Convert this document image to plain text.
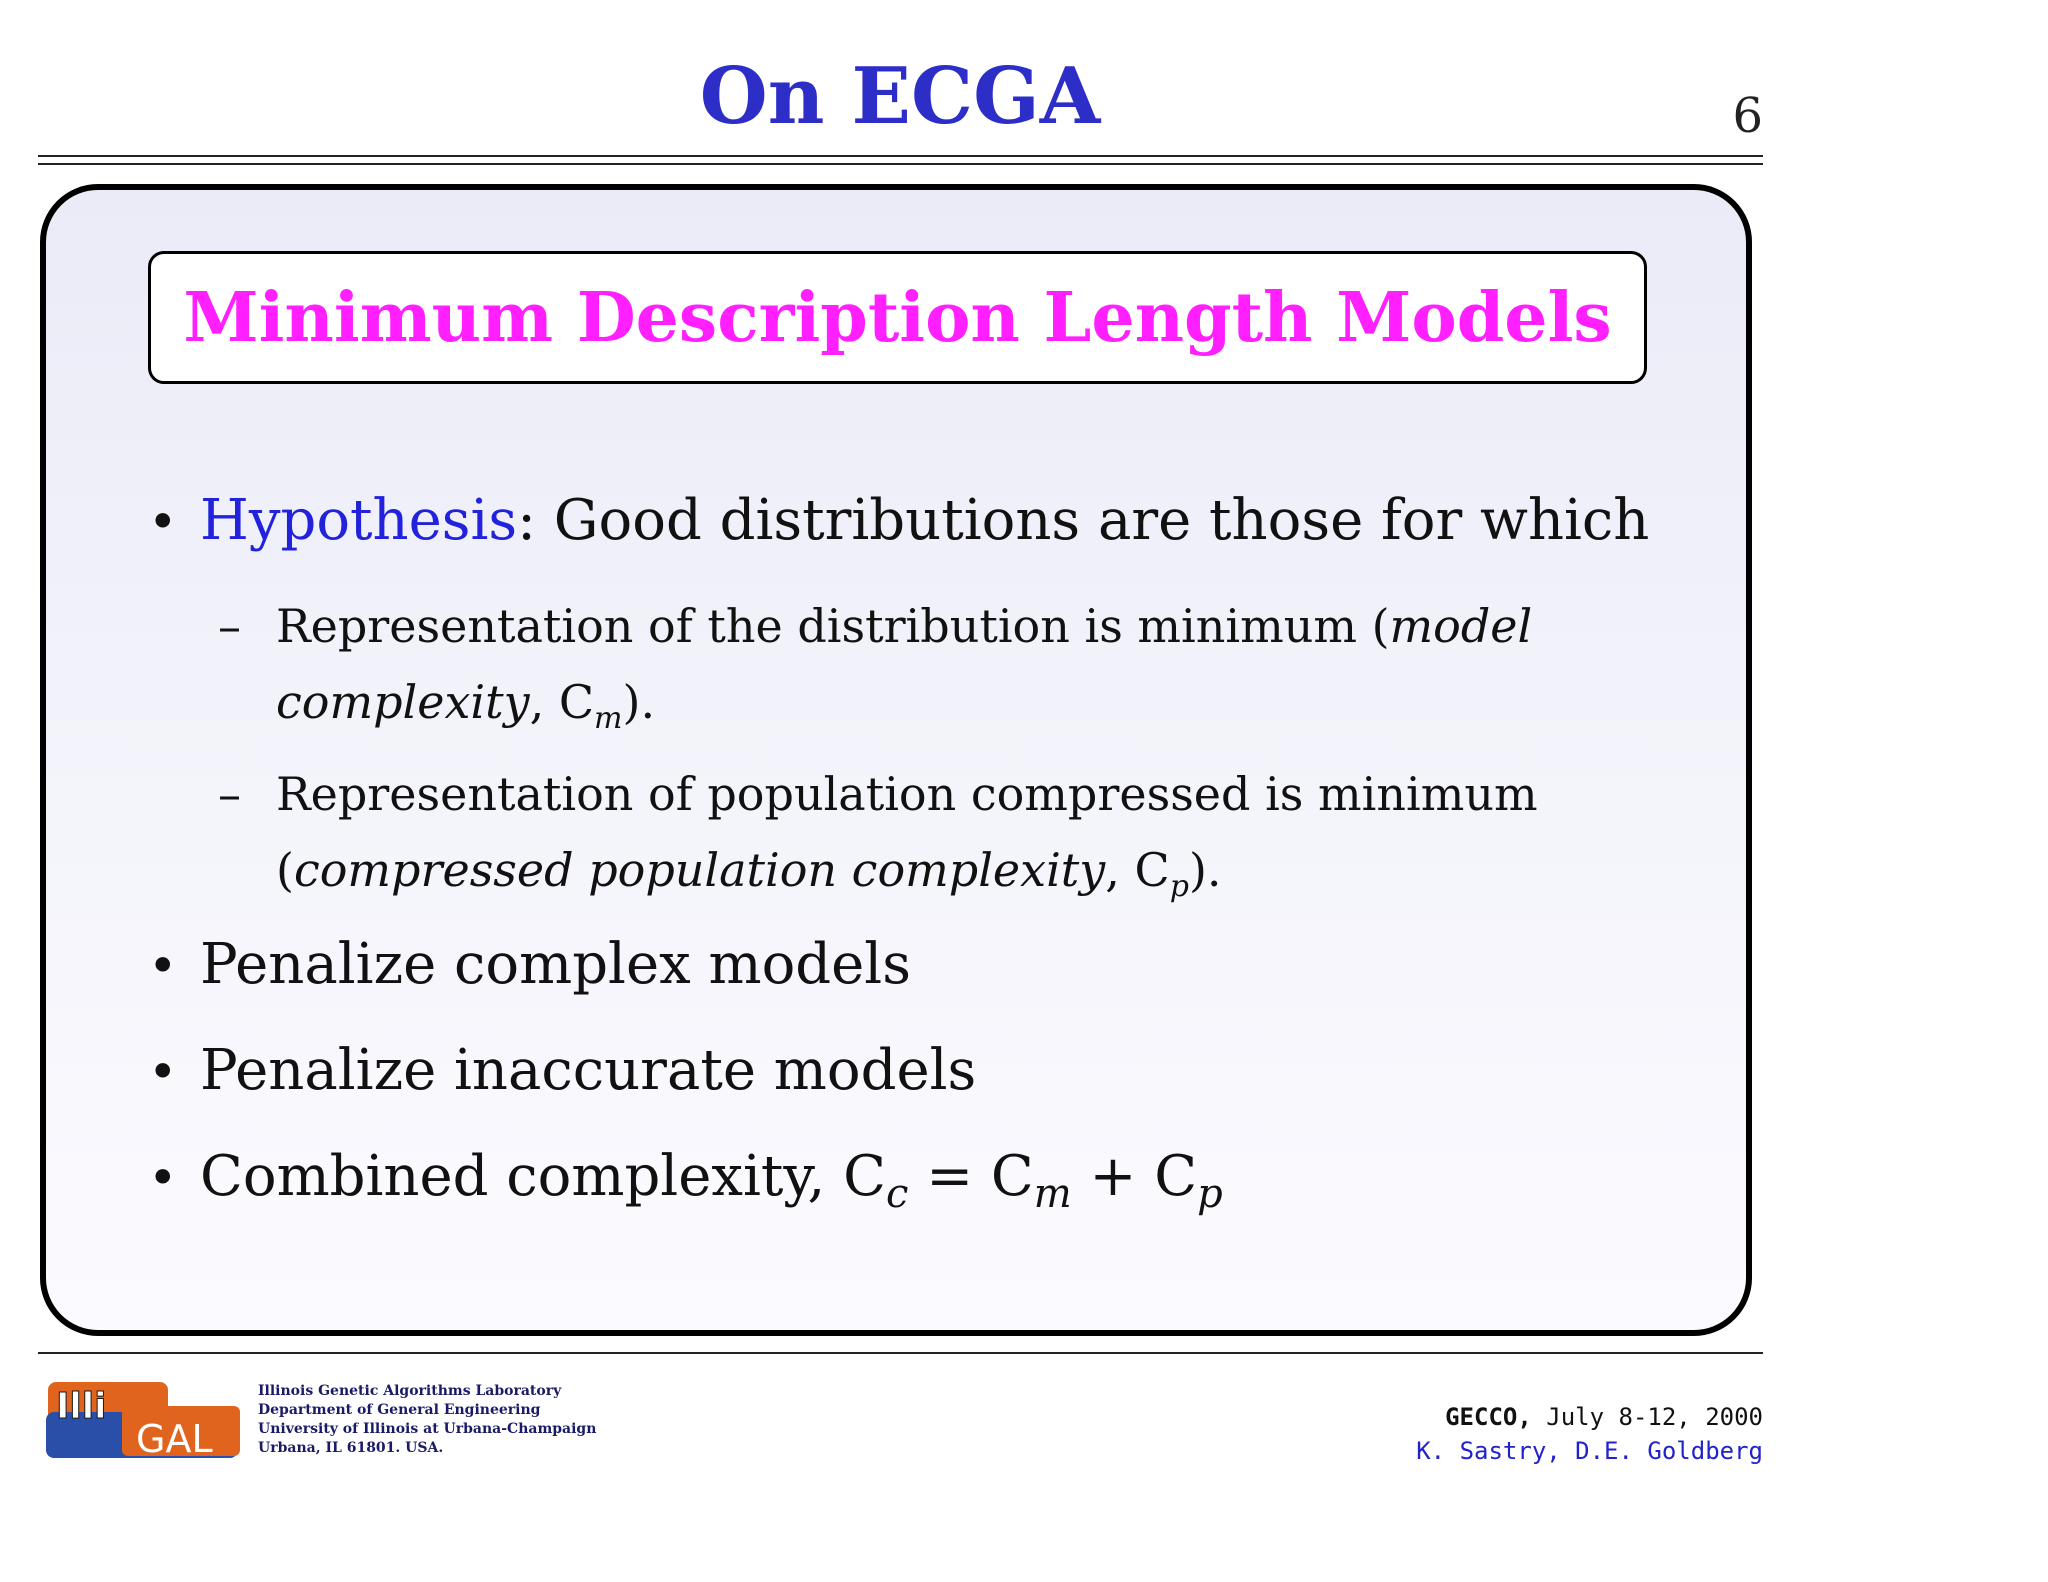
On ECGA	6
Minimum Description Length Models
• Hypothesis: Good distributions are those for which
– Representation of the distribution is minimum (model
complexity, $C_m$).
– Representation of population compressed is minimum
(compressed population complexity, $C_p$).
• Penalize complex models
• Penalize inaccurate models
• Combined complexity, $C_c = C_m + C_p$
Illi
GAL
Illinois Genetic Algorithms Laboratory
Department of General Engineering
University of Illinois at Urbana-Champaign
Urbana, IL 61801. USA.
GECCO, July 8-12, 2000
K. Sastry, D.E. Goldberg
